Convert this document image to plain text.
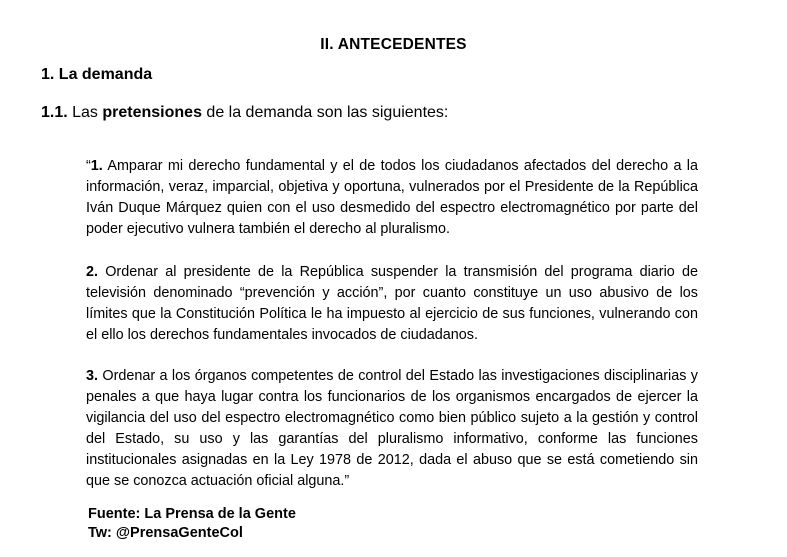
II. ANTECEDENTES
1. La demanda
1.1. Las pretensiones de la demanda son las siguientes:
“1. Amparar mi derecho fundamental y el de todos los ciudadanos afectados del derecho a la información, veraz, imparcial, objetiva y oportuna, vulnerados por el Presidente de la República Iván Duque Márquez quien con el uso desmedido del espectro electromagnético por parte del poder ejecutivo vulnera también el derecho al pluralismo.
2. Ordenar al presidente de la República suspender la transmisión del programa diario de televisión denominado “prevención y acción”, por cuanto constituye un uso abusivo de los límites que la Constitución Política le ha impuesto al ejercicio de sus funciones, vulnerando con el ello los derechos fundamentales invocados de ciudadanos.
3. Ordenar a los órganos competentes de control del Estado las investigaciones disciplinarias y penales a que haya lugar contra los funcionarios de los organismos encargados de ejercer la vigilancia del uso del espectro electromagnético como bien público sujeto a la gestión y control del Estado, su uso y las garantías del pluralismo informativo, conforme las funciones institucionales asignadas en la Ley 1978 de 2012, dada el abuso que se está cometiendo sin que se conozca actuación oficial alguna.”
Fuente: La Prensa de la Gente
Tw: @PrensaGenteCol
